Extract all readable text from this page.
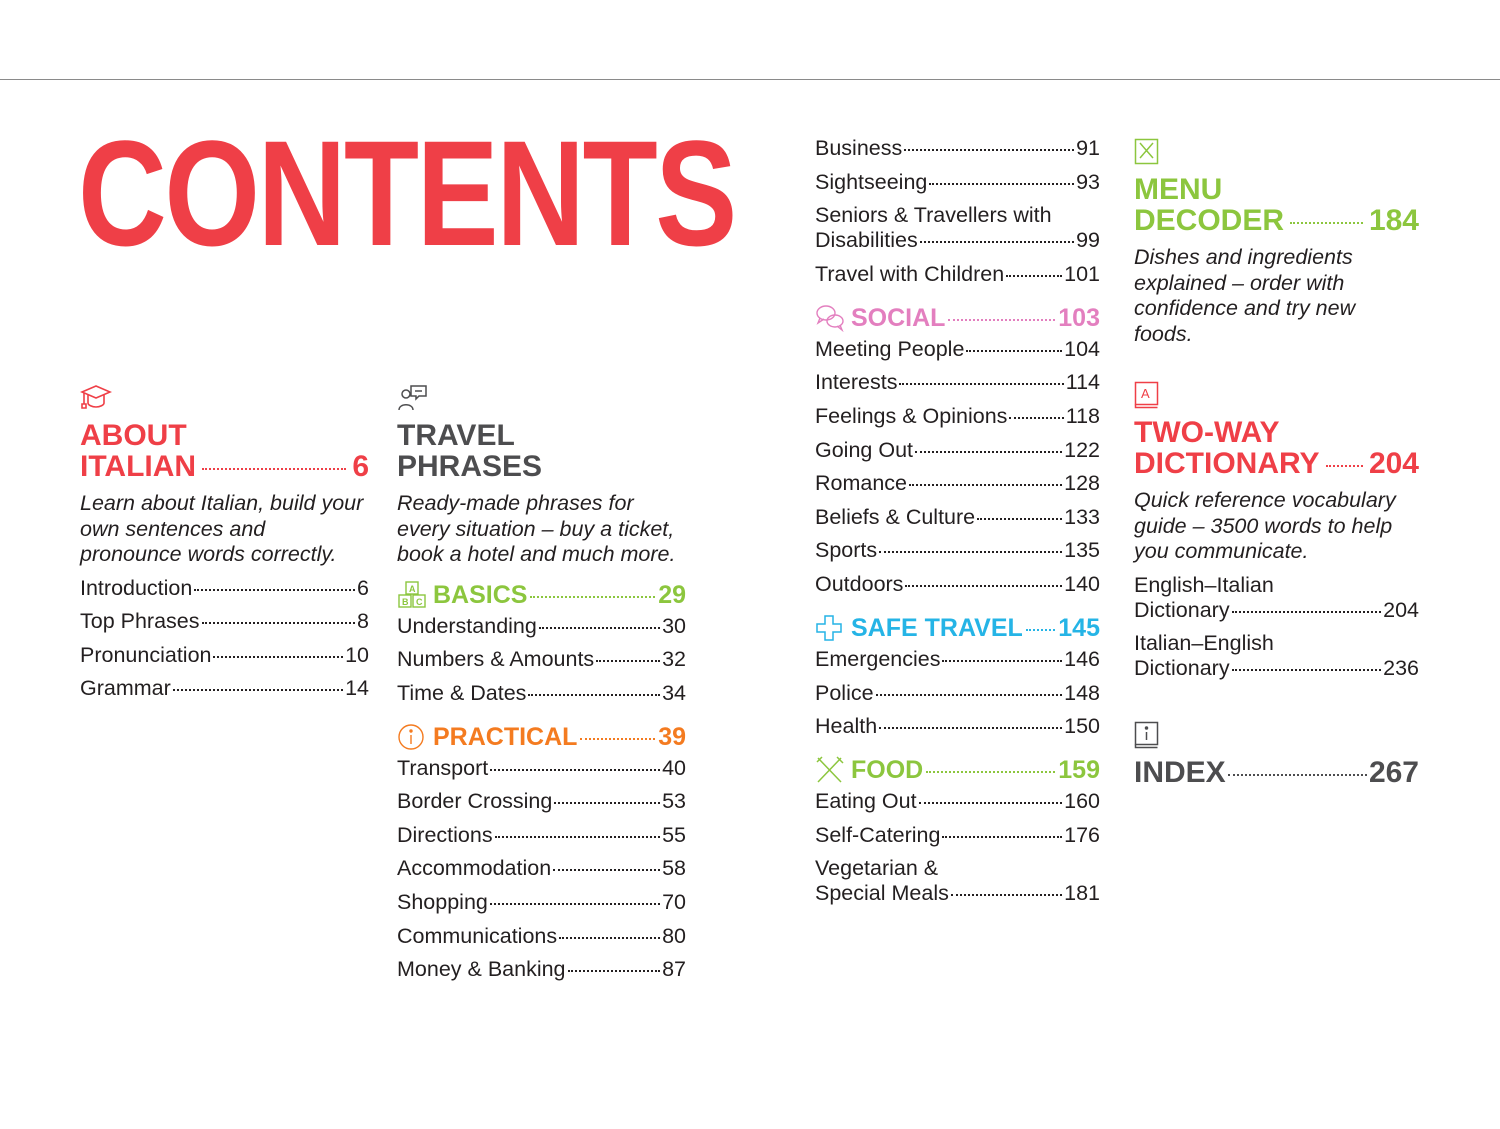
CONTENTS
ABOUT
ITALIAN	6

Learn about Italian, build your own sentences and pronounce words correctly.

Introduction	6
Top Phrases	8
Pronunciation	10
Grammar	14
TRAVEL
PHRASES

Ready-made phrases for every situation – buy a ticket, book a hotel and much more.

A
B C BASICS	29
Understanding	30
Numbers & Amounts	32
Time & Dates	34
PRACTICAL	39
Transport	40
Border Crossing	53
Directions	55
Accommodation	58
Shopping	70
Communications	80
Money & Banking	87
Business	91
Sightseeing	93
Seniors & Travellers with
Disabilities	99
Travel with Children	101
SOCIAL	103
Meeting People	104
Interests	114
Feelings & Opinions	118
Going Out	122
Romance	128
Beliefs & Culture	133
Sports	135
Outdoors	140
SAFE TRAVEL 145
Emergencies	146
Police	148
Health	150
FOOD	159
Eating Out	160
Self-Catering	176
Vegetarian &
Special Meals	181
MENU
DECODER	184

Dishes and ingredients explained – order with confidence and try new foods.

A
TWO-WAY
DICTIONARY 204

Quick reference vocabulary guide – 3500 words to help you communicate.

English–Italian
Dictionary	204
Italian–English
Dictionary	236
INDEX	267
